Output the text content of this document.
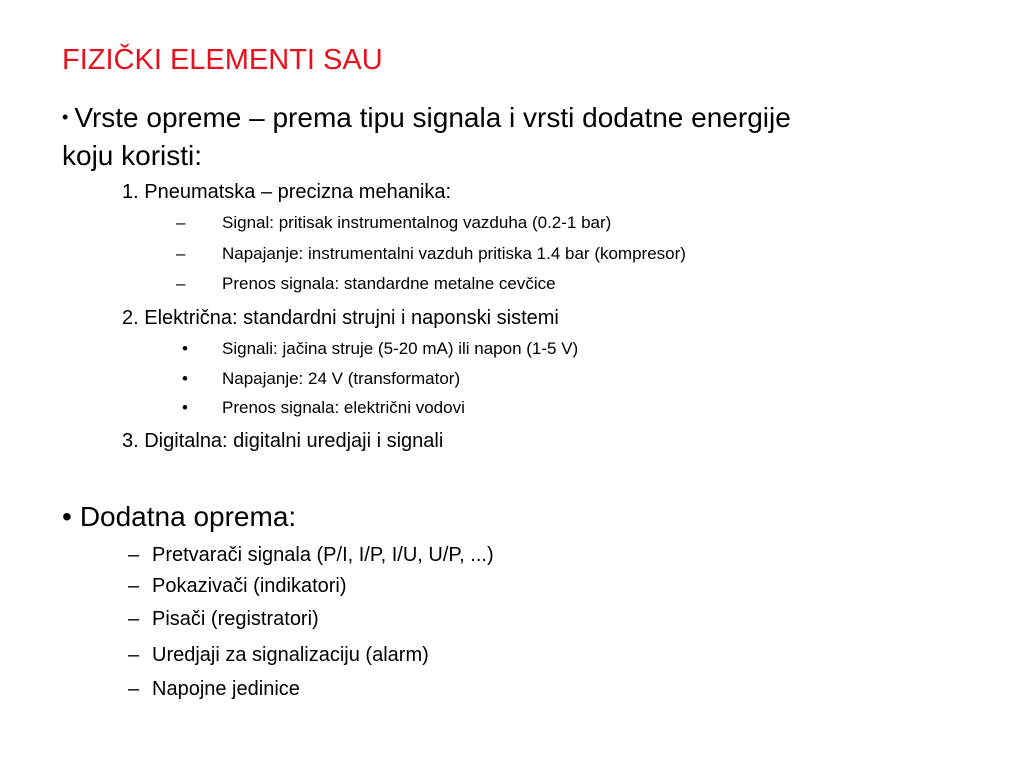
FIZIČKI ELEMENTI SAU
• Vrste opreme – prema tipu signala i vrsti dodatne energije
koju koristi:
1. Pneumatska – precizna mehanika:
– Signal: pritisak instrumentalnog vazduha (0.2-1 bar)
– Napajanje: instrumentalni vazduh pritiska 1.4 bar (kompresor)
– Prenos signala: standardne metalne cevčice
2. Električna: standardni strujni i naponski sistemi
• Signali: jačina struje (5-20 mA) ili napon (1-5 V)
• Napajanje: 24 V (transformator)
• Prenos signala: električni vodovi
3. Digitalna: digitalni uredjaji i signali
• Dodatna oprema:
– Pretvarači signala (P/I, I/P, I/U, U/P, ...)
– Pokazivači (indikatori)
– Pisači (registratori)
– Uredjaji za signalizaciju (alarm)
– Napojne jedinice
